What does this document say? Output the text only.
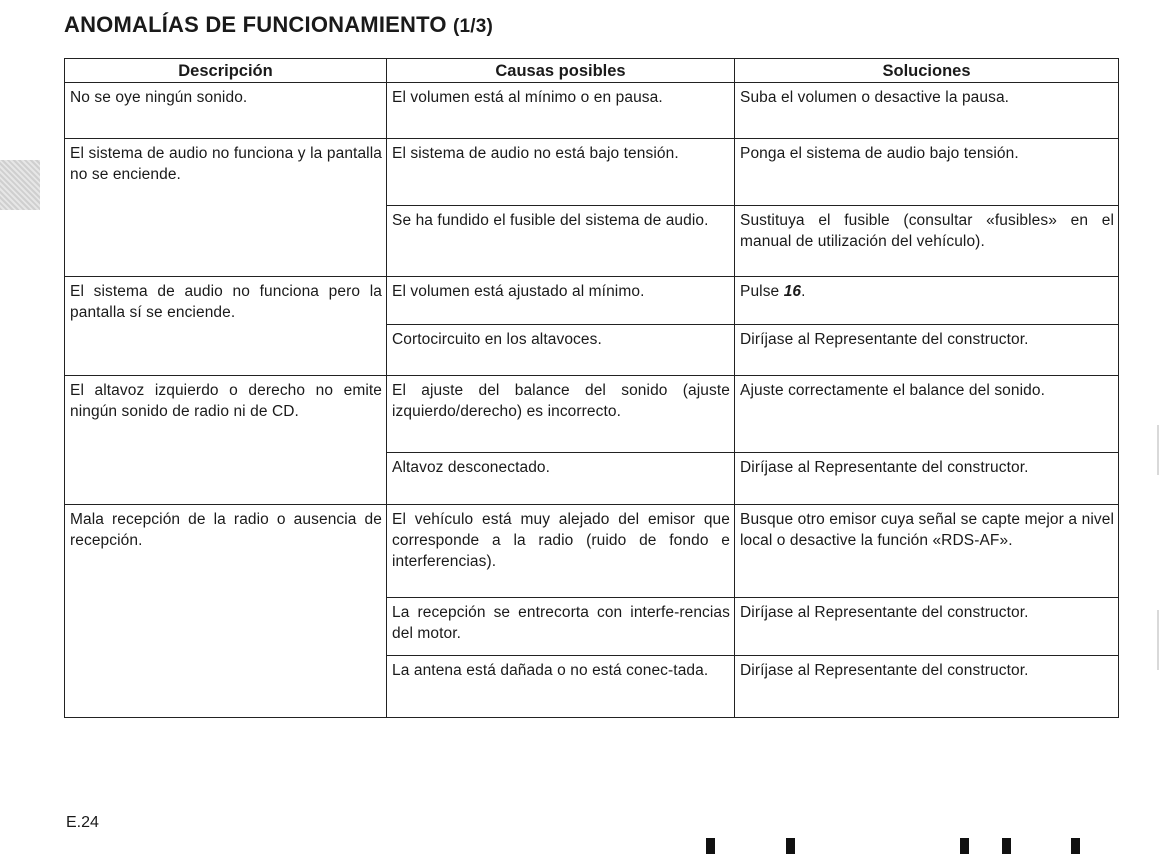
ANOMALÍAS DE FUNCIONAMIENTO (1/3)
Descripción	Causas posibles	Soluciones
No se oye ningún sonido.	El volumen está al mínimo o en pausa.	Suba el volumen o desactive la pausa.
El sistema de audio no funciona y la pantalla no se enciende.	El sistema de audio no está bajo tensión.	Ponga el sistema de audio bajo tensión.
	Se ha fundido el fusible del sistema de audio.	Sustituya el fusible (consultar «fusibles» en el manual de utilización del vehículo).
El sistema de audio no funciona pero la pantalla sí se enciende.	El volumen está ajustado al mínimo.	Pulse 16.
	Cortocircuito en los altavoces.	Diríjase al Representante del constructor.
El altavoz izquierdo o derecho no emite ningún sonido de radio ni de CD.	El ajuste del balance del sonido (ajuste izquierdo/derecho) es incorrecto.	Ajuste correctamente el balance del sonido.
	Altavoz desconectado.	Diríjase al Representante del constructor.
Mala recepción de la radio o ausencia de recepción.	El vehículo está muy alejado del emisor que corresponde a la radio (ruido de fondo e interferencias).	Busque otro emisor cuya señal se capte mejor a nivel local o desactive la función «RDS-AF».
	La recepción se entrecorta con interfe-rencias del motor.	Diríjase al Representante del constructor.
	La antena está dañada o no está conec-tada.	Diríjase al Representante del constructor.
E.24
